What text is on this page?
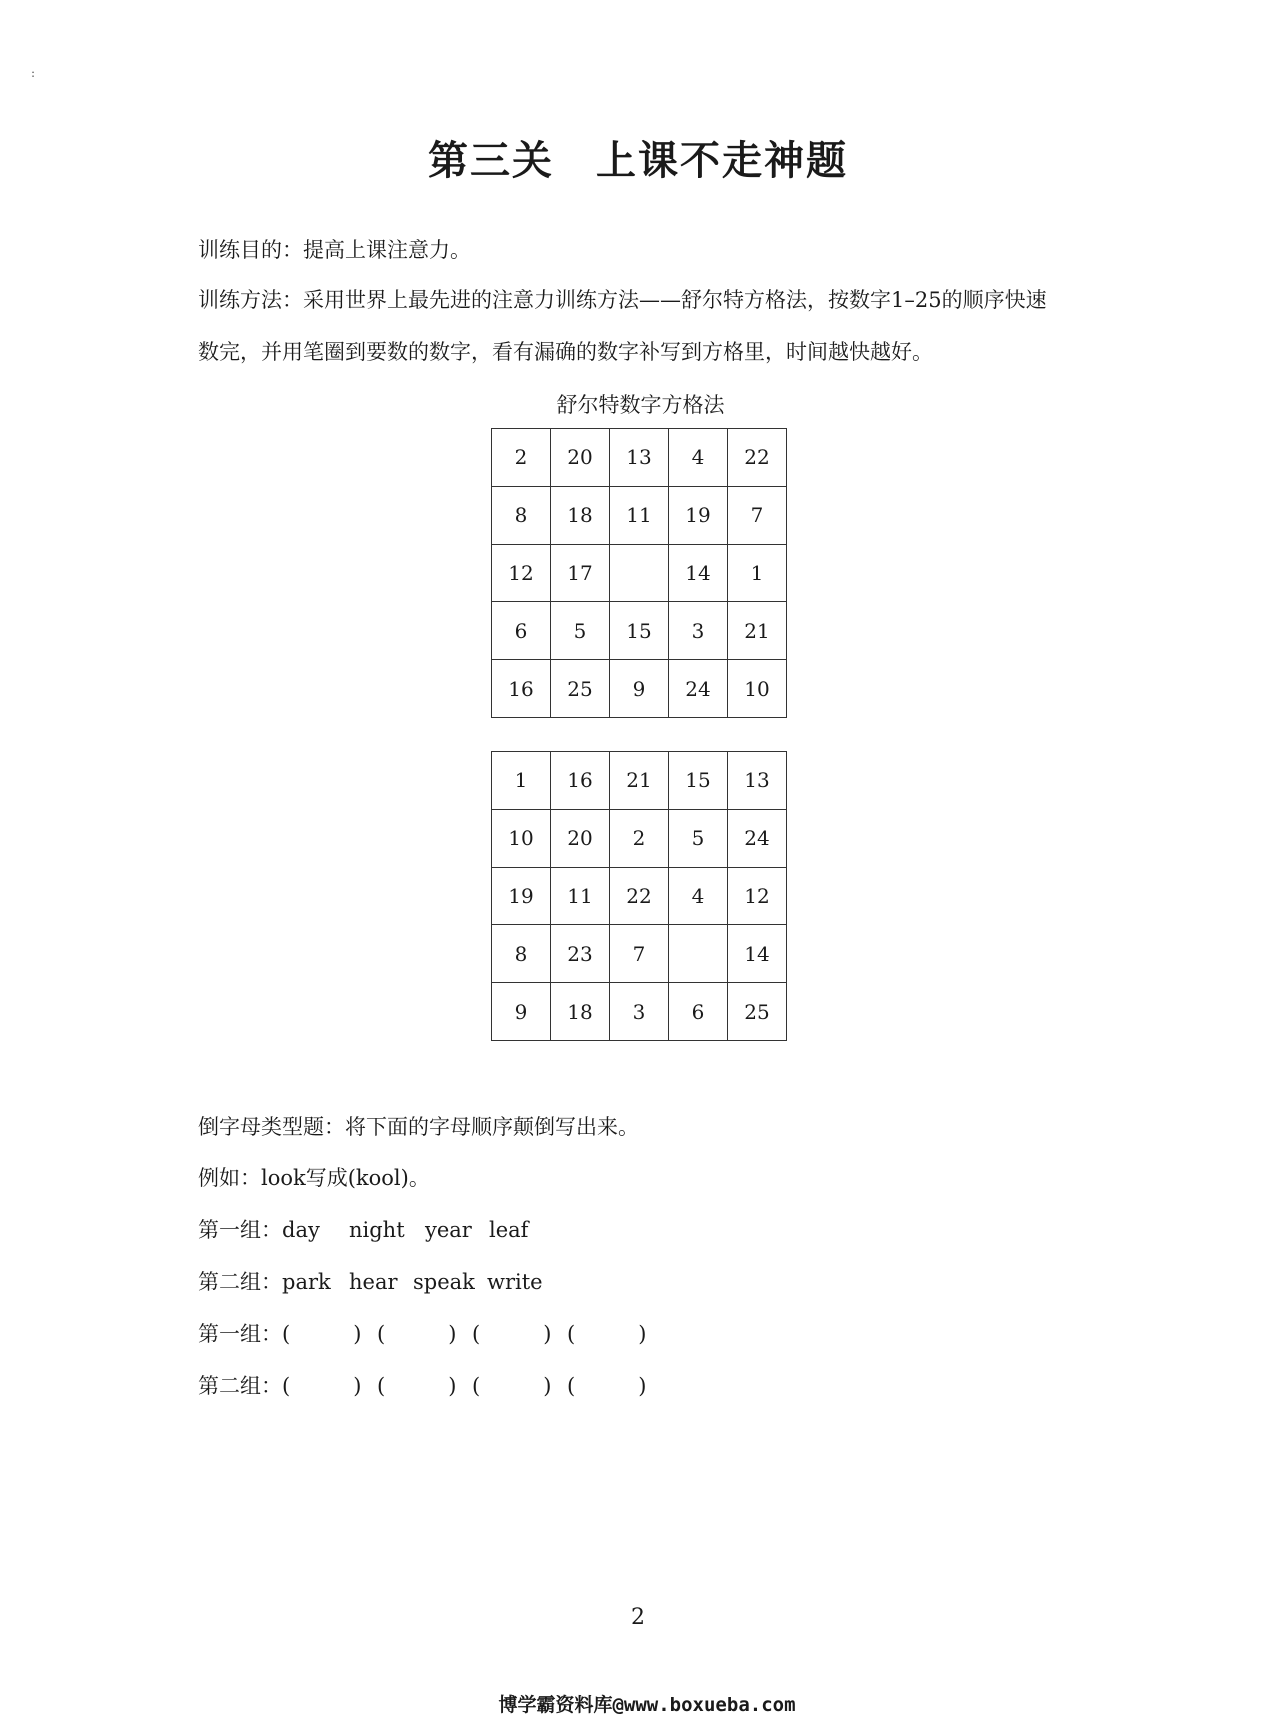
:
第三关　上课不走神题
训练目的：提高上课注意力。
训练方法：采用世界上最先进的注意力训练方法——舒尔特方格法，按数字1–25的顺序快速
数完，并用笔圈到要数的数字，看有漏确的数字补写到方格里，时间越快越好。
舒尔特数字方格法
2	20	13	4	22
8	18	11	19	7
12	17		14	1
6	5	15	3	21
16	25	9	24	10
1	16	21	15	13
10	20	2	5	24
19	11	22	4	12
8	23	7		14
9	18	3	6	25
倒字母类型题：将下面的字母顺序颠倒写出来。
例如：look写成(kool)。
第一组：day night year leaf
第二组：park hear speak write
第一组：(　　　) (　　　) (　　　) (　　　)
第二组：(　　　) (　　　) (　　　) (　　　)
2
博学霸资料库@www.boxueba.com
